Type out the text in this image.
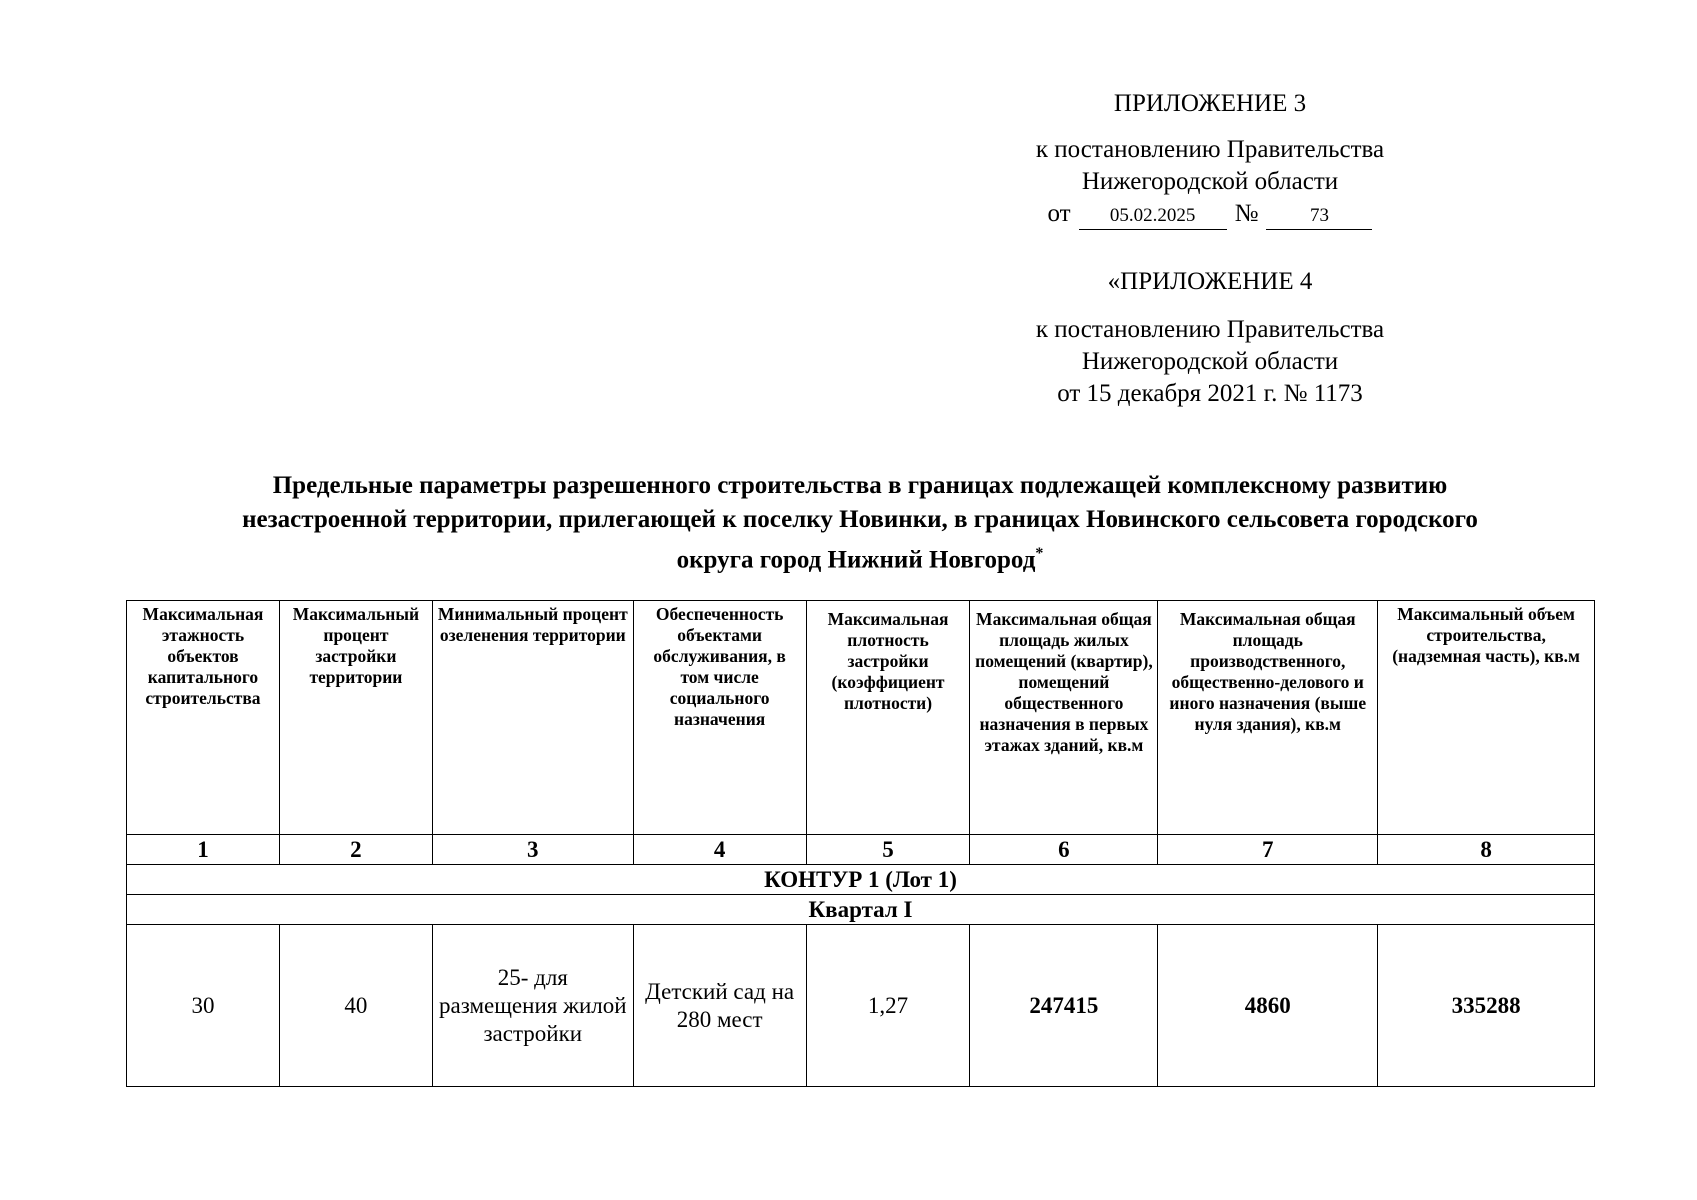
ПРИЛОЖЕНИЕ 3
к постановлению Правительства
Нижегородской области
от	05.02.2025	№	73
«ПРИЛОЖЕНИЕ 4
к постановлению Правительства
Нижегородской области
от 15 декабря 2021 г. № 1173
Предельные параметры разрешенного строительства в границах подлежащей комплексному развитию
незастроенной территории, прилегающей к поселку Новинки, в границах Новинского сельсовета городского
округа город Нижний Новгород*
Максимальная этажность объектов капитального строительства	Максимальный процент застройки территории	Минимальный процент озеленения территории	Обеспеченность объектами обслуживания, в том числе социального назначения	Максимальная плотность застройки (коэффициент плотности)	Максимальная общая площадь жилых помещений (квартир), помещений общественного назначения в первых этажах зданий, кв.м	Максимальная общая площадь производственного, общественно-делового и иного назначения (выше нуля здания), кв.м	Максимальный объем строительства, (надземная часть), кв.м
1	2	3	4	5	6	7	8
КОНТУР 1 (Лот 1)							
Квартал I							
30	40	25- для размещения жилой застройки	Детский сад на 280 мест	1,27	247415	4860	335288
